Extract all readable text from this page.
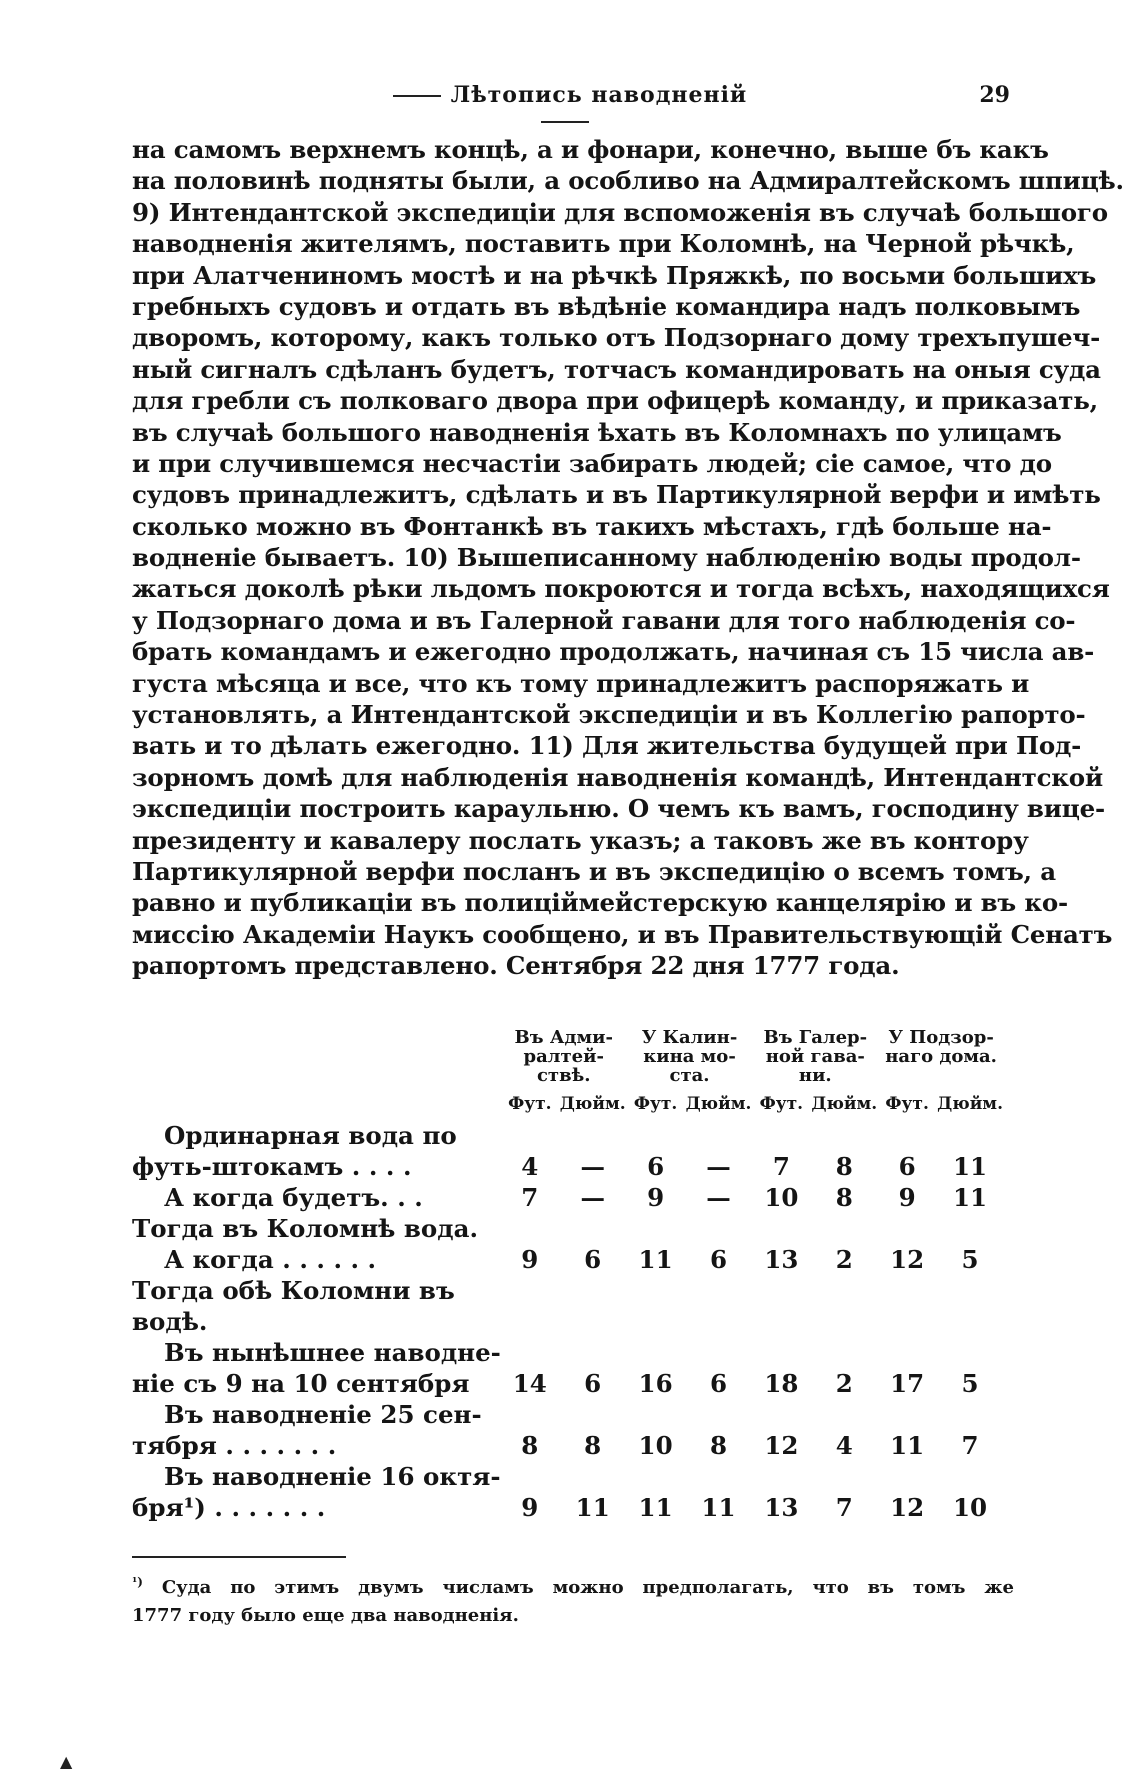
Лѣтопись наводненій	29
на самомъ верхнемъ концѣ, а и фонари, конечно, выше бъ какъ
на половинѣ подняты были, а особливо на Адмиралтейскомъ шпицѣ.
9) Интендантской экспедиціи для вспоможенія въ случаѣ большого
наводненія жителямъ, поставить при Коломнѣ, на Черной рѣчкѣ,
при Алатчениномъ мостѣ и на рѣчкѣ Пряжкѣ, по восьми большихъ
гребныхъ судовъ и отдать въ вѣдѣніе командира надъ полковымъ
дворомъ, которому, какъ только отъ Подзорнаго дому трехъпушеч-
ный сигналъ сдѣланъ будетъ, тотчасъ командировать на оныя суда
для гребли съ полковаго двора при офицерѣ команду, и приказать,
въ случаѣ большого наводненія ѣхать въ Коломнахъ по улицамъ
и при случившемся несчастіи забирать людей; сіе самое, что до
судовъ принадлежитъ, сдѣлать и въ Партикулярной верфи и имѣть
сколько можно въ Фонтанкѣ въ такихъ мѣстахъ, гдѣ больше на-
водненіе бываетъ. 10) Вышеписанному наблюденію воды продол-
жаться доколѣ рѣки льдомъ покроются и тогда всѣхъ, находящихся
у Подзорнаго дома и въ Галерной гавани для того наблюденія со-
брать командамъ и ежегодно продолжать, начиная съ 15 числа ав-
густа мѣсяца и все, что къ тому принадлежитъ распоряжать и
установлять, а Интендантской экспедиціи и въ Коллегію рапорто-
вать и то дѣлать ежегодно. 11) Для жительства будущей при Под-
зорномъ домѣ для наблюденія наводненія командѣ, Интендантской
экспедиціи построить караульню. О чемъ къ вамъ, господину вице-
президенту и кавалеру послать указъ; а таковъ же въ контору
Партикулярной верфи посланъ и въ экспедицію о всемъ томъ, а
равно и публикаціи въ полиціймейстерскую канцелярію и въ ко-
миссію Академіи Наукъ сообщено, и въ Правительствующій Сенатъ
рапортомъ представлено. Сентября 22 дня 1777 года.
	Въ Адми-
ралтей-
ствѣ.		У Калин-
кина мо-
ста.		Въ Галер-
ной гава-
ни.		У Подзор-
наго дома.	
	Фут.	Дюйм.	Фут.	Дюйм.	Фут.	Дюйм.	Фут.	Дюйм.
Ординарная вода по								
футь-штокамъ . . . .	4	—	6	—	7	8	6	11
А когда будетъ. . .	7	—	9	—	10	8	9	11
Тогда въ Коломнѣ вода.								
А когда . . . . . .	9	6	11	6	13	2	12	5
Тогда обѣ Коломни въ								
водѣ.								
Въ нынѣшнее наводне-								
ніе съ 9 на 10 сентября	14	6	16	6	18	2	17	5
Въ наводненіе 25 сен-								
тября . . . . . . .	8	8	10	8	12	4	11	7
Въ наводненіе 16 октя-								
бря¹) . . . . . . .	9	11	11	11	13	7	12	10
$^{^1)}$ Суда по этимъ двумъ числамъ можно предполагать, что въ томъ же
1777 году было еще два наводненія.
▲
